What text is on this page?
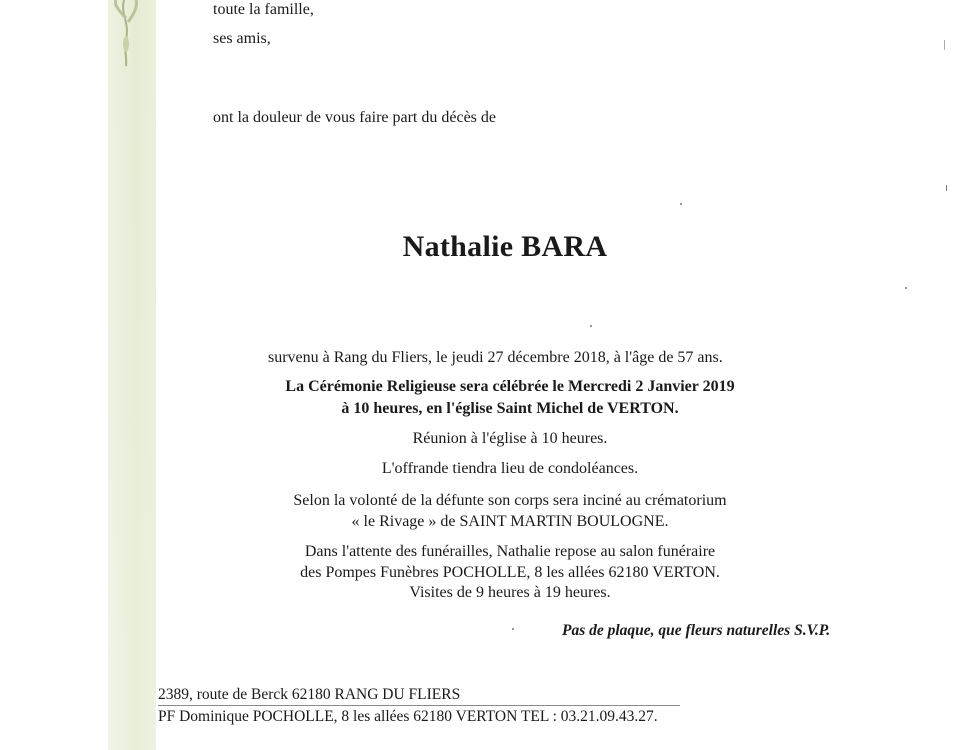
toute la famille,
ses amis,
ont la douleur de vous faire part du décès de
Nathalie BARA
survenu à Rang du Fliers, le jeudi 27 décembre 2018, à l'âge de 57 ans.
La Cérémonie Religieuse sera célébrée le Mercredi 2 Janvier 2019
à 10 heures, en l'église Saint Michel de VERTON.
Réunion à l'église à 10 heures.
L'offrande tiendra lieu de condoléances.
Selon la volonté de la défunte son corps sera inciné au crématorium
« le Rivage » de SAINT MARTIN BOULOGNE.
Dans l'attente des funérailles, Nathalie repose au salon funéraire
des Pompes Funèbres POCHOLLE, 8 les allées 62180 VERTON.
Visites de 9 heures à 19 heures.
Pas de plaque, que fleurs naturelles S.V.P.
2389, route de Berck 62180 RANG DU FLIERS
PF Dominique POCHOLLE, 8 les allées 62180 VERTON TEL : 03.21.09.43.27.
